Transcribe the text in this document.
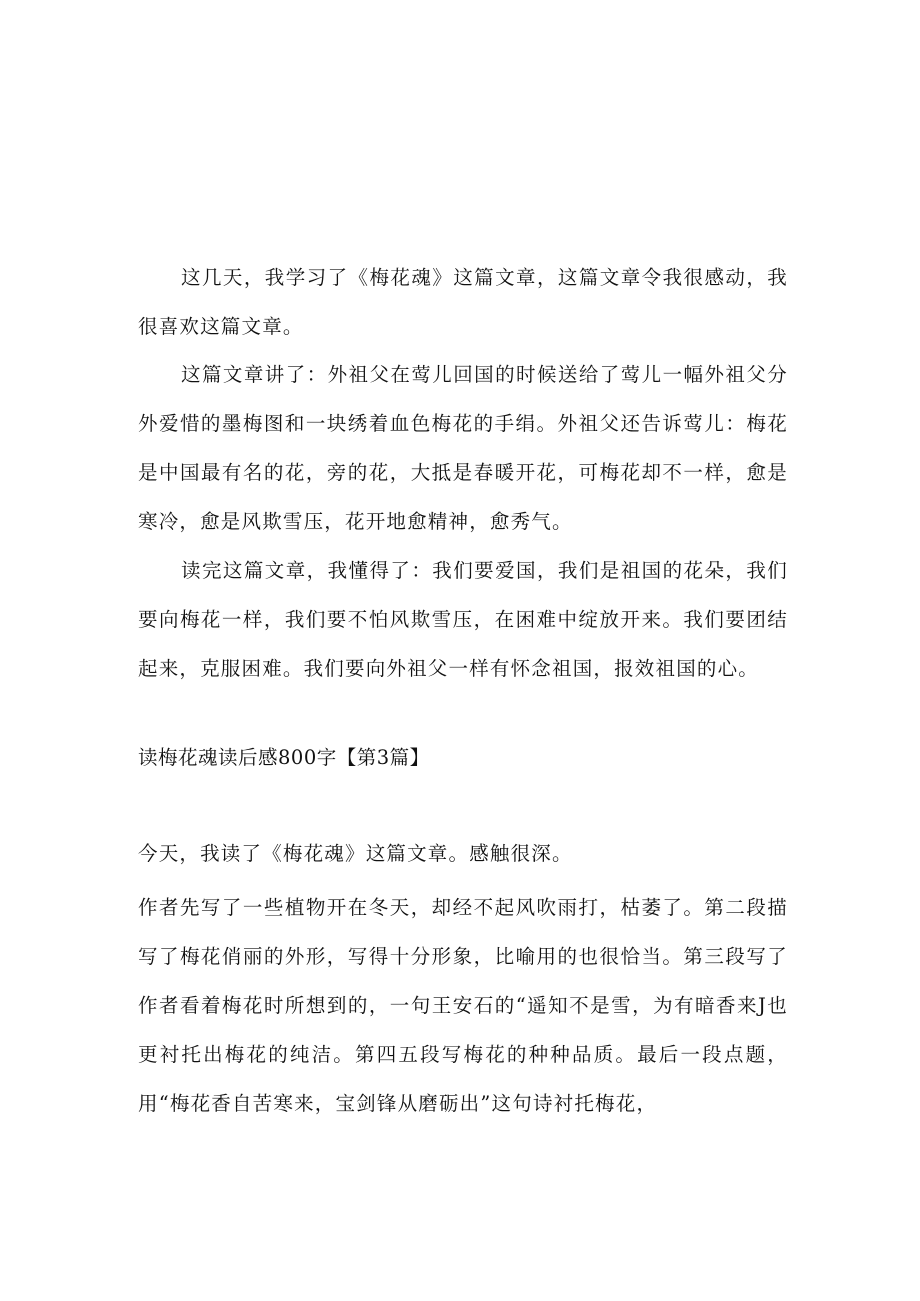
这几天，我学习了《梅花魂》这篇文章，这篇文章令我很感动，我很喜欢这篇文章。

这篇文章讲了：外祖父在莺儿回国的时候送给了莺儿一幅外祖父分外爱惜的墨梅图和一块绣着血色梅花的手绢。外祖父还告诉莺儿：梅花是中国最有名的花，旁的花，大抵是春暖开花，可梅花却不一样，愈是寒冷，愈是风欺雪压，花开地愈精神，愈秀气。

读完这篇文章，我懂得了：我们要爱国，我们是祖国的花朵，我们要向梅花一样，我们要不怕风欺雪压，在困难中绽放开来。我们要团结起来，克服困难。我们要向外祖父一样有怀念祖国，报效祖国的心。

读梅花魂读后感800字【第3篇】

今天，我读了《梅花魂》这篇文章。感触很深。

作者先写了一些植物开在冬天，却经不起风吹雨打，枯萎了。第二段描写了梅花俏丽的外形，写得十分形象，比喻用的也很恰当。第三段写了作者看着梅花时所想到的，一句王安石的“遥知不是雪，为有暗香来J也更衬托出梅花的纯洁。第四五段写梅花的种种品质。最后一段点题，用“梅花香自苦寒来，宝剑锋从磨砺出”这句诗衬托梅花，
